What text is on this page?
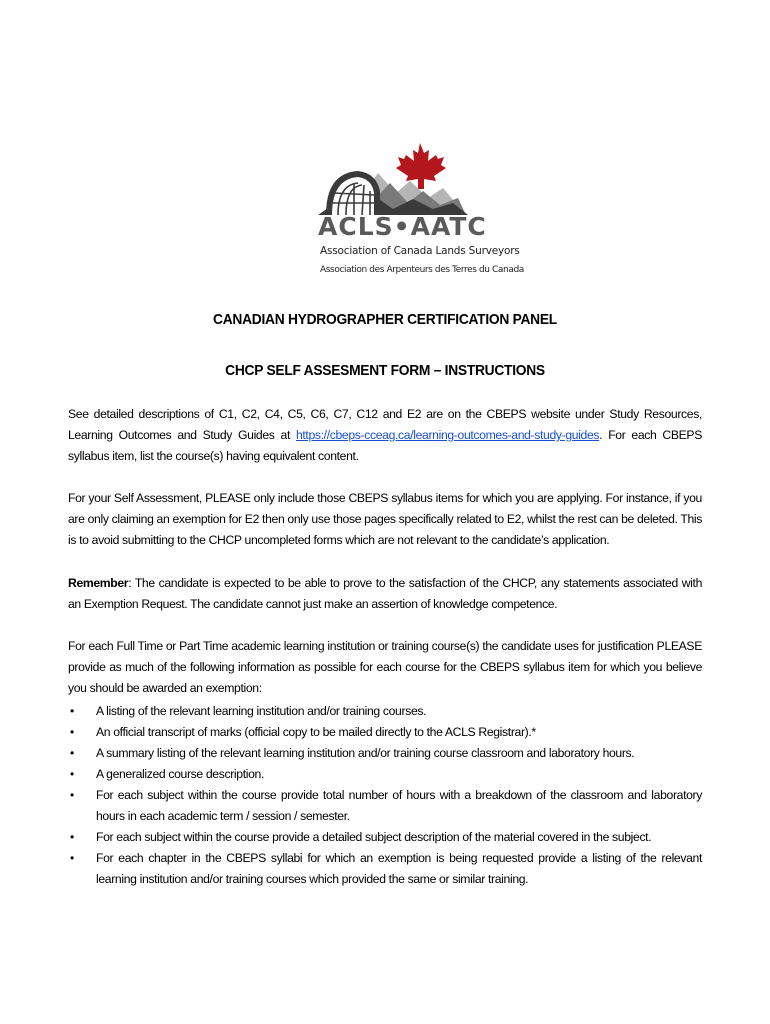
ACLS•AATC
Association of Canada Lands Surveyors
Association des Arpenteurs des Terres du Canada
CANADIAN HYDROGRAPHER CERTIFICATION PANEL
CHCP SELF ASSESMENT FORM – INSTRUCTIONS
See detailed descriptions of C1, C2, C4, C5, C6, C7, C12 and E2 are on the CBEPS website under Study Resources, Learning Outcomes and Study Guides at https://cbeps-cceag.ca/learning-outcomes-and-study-guides. For each CBEPS syllabus item, list the course(s) having equivalent content.
For your Self Assessment, PLEASE only include those CBEPS syllabus items for which you are applying. For instance, if you are only claiming an exemption for E2 then only use those pages specifically related to E2, whilst the rest can be deleted. This is to avoid submitting to the CHCP uncompleted forms which are not relevant to the candidate’s application.
Remember: The candidate is expected to be able to prove to the satisfaction of the CHCP, any statements associated with an Exemption Request. The candidate cannot just make an assertion of knowledge competence.
For each Full Time or Part Time academic learning institution or training course(s) the candidate uses for justification PLEASE provide as much of the following information as possible for each course for the CBEPS syllabus item for which you believe you should be awarded an exemption:
• A listing of the relevant learning institution and/or training courses.
• An official transcript of marks (official copy to be mailed directly to the ACLS Registrar).*
• A summary listing of the relevant learning institution and/or training course classroom and laboratory hours.
• A generalized course description.
• For each subject within the course provide total number of hours with a breakdown of the classroom and laboratory hours in each academic term / session / semester.
• For each subject within the course provide a detailed subject description of the material covered in the subject.
• For each chapter in the CBEPS syllabi for which an exemption is being requested provide a listing of the relevant learning institution and/or training courses which provided the same or similar training.
